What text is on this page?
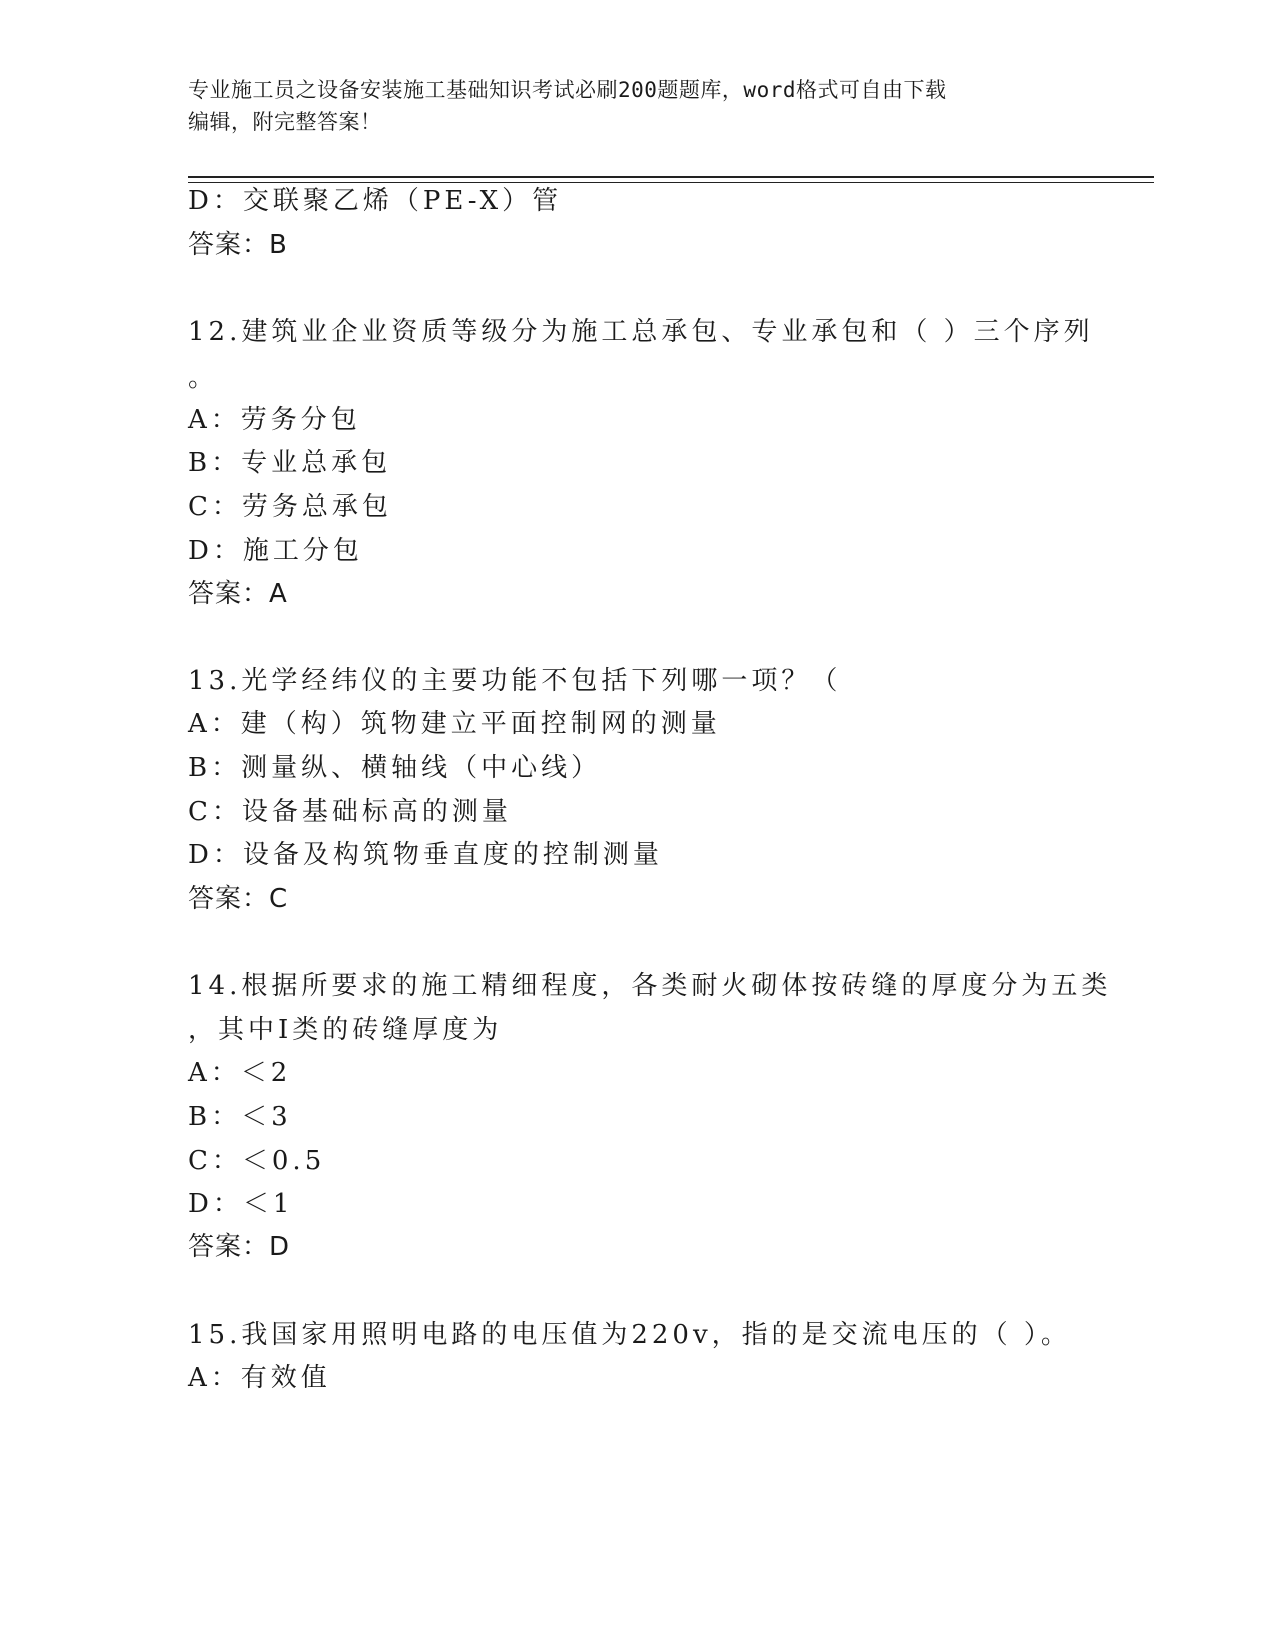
专业施工员之设备安装施工基础知识考试必刷200题题库，word格式可自由下载
编辑，附完整答案！
D：交联聚乙烯（PE-X）管
答案：B
12.建筑业企业资质等级分为施工总承包、专业承包和（ ）三个序列
。
A：劳务分包
B：专业总承包
C：劳务总承包
D：施工分包
答案：A
13.光学经纬仪的主要功能不包括下列哪一项？（
A：建（构）筑物建立平面控制网的测量
B：测量纵、横轴线（中心线）
C：设备基础标高的测量
D：设备及构筑物垂直度的控制测量
答案：C
14.根据所要求的施工精细程度，各类耐火砌体按砖缝的厚度分为五类
，其中Ⅰ类的砖缝厚度为
A：＜2
B：＜3
C：＜0.5
D：＜1
答案：D
15.我国家用照明电路的电压值为220v，指的是交流电压的（ ）。
A：有效值
